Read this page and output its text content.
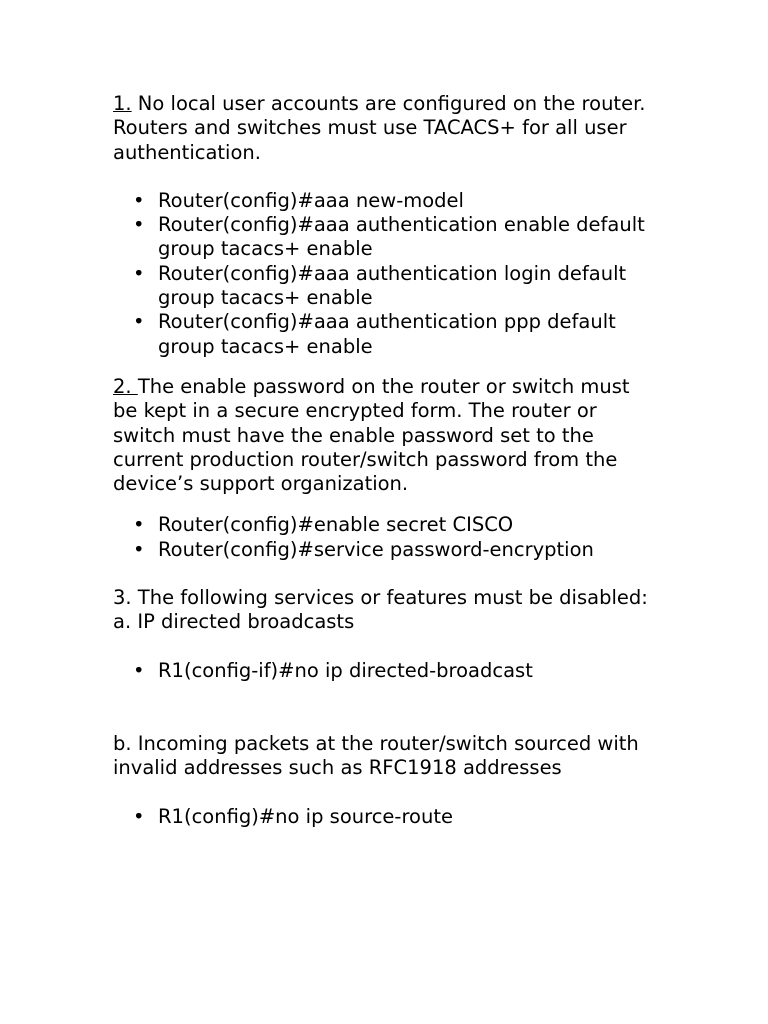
1. No local user accounts are configured on the router. Routers and switches must use TACACS+ for all user authentication.

• Router(config)#aaa new-model
• Router(config)#aaa authentication enable default group tacacs+ enable
• Router(config)#aaa authentication login default group tacacs+ enable
• Router(config)#aaa authentication ppp default group tacacs+ enable

2. The enable password on the router or switch must be kept in a secure encrypted form. The router or switch must have the enable password set to the current production router/switch password from the device’s support organization.

• Router(config)#enable secret CISCO
• Router(config)#service password-encryption

3. The following services or features must be disabled:

a. IP directed broadcasts

• R1(config-if)#no ip directed-broadcast

b. Incoming packets at the router/switch sourced with invalid addresses such as RFC1918 addresses

• R1(config)#no ip source-route
